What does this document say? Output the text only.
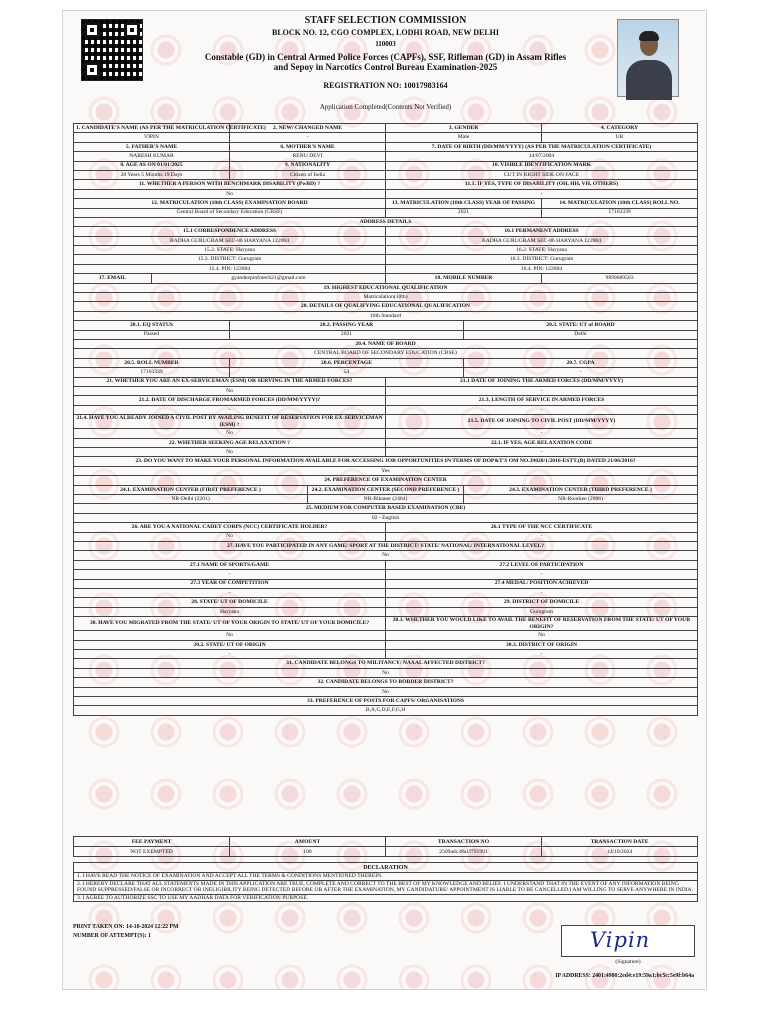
STAFF SELECTION COMMISSION
BLOCK NO. 12, CGO COMPLEX, LODHI ROAD, NEW DELHI
110003
Constable (GD) in Central Armed Police Forces (CAPFs), SSF, Rifleman (GD) in Assam Rifles and Sepoy in Narcotics Control Bureau Examination-2025
REGISTRATION NO: 10017983164
Application Completed(Contents Not Verified)
1. CANDIDATE'S NAME (AS PER THE MATRICULATION CERTIFICATE)		2. NEW/ CHANGED NAME		3. GENDER		4. CATEGORY
VIPIN		-		Male		UR
5. FATHER'S NAME		6. MOTHER'S NAME		7. DATE OF BIRTH (DD/MM/YYYY) (AS PER THE MATRICULATION CERTIFICATE)		
NARESH KUMAR		RENU DEVI		14/07/2004		
8. AGE AS ON 01/01/2025		9. NATIONALITY		10. VISIBLE IDENTIFICATION MARK		
20 Years 5 Months 19 Days		Citizen of India		CUT IN RIGHT SIDE ON FACE		
11. WHETHER A PERSON WITH BENCHMARK DISABILITY (PwBD) ?				11.1. IF YES, TYPE OF DISABILITY (OH, HH, VH, OTHERS)		
No				-		
12. MATRICULATION (10th CLASS) EXAMINATION BOARD				13. MATRICULATION (10th CLASS) YEAR OF PASSING		14. MATRICULATION (10th CLASS) ROLL NO.
Central Board of Secondary Education (CBSE)				2021		17163339
ADDRESS DETAILS						
15.1 CORRESPONDENCE ADDRESS				16.1 PERMANENT ADDRESS		
BADHA GURUGRAM SEC-86 HARYANA 122004				BADHA GURUGRAM SEC-86 HARYANA 122004		
15.2. STATE: Haryana				16.2. STATE: Haryana		
15.3. DISTRICT: Gurugram				16.3. DISTRICT: Gurugram		
15.4. PIN: 122004				16.4. PIN: 122004		
17. EMAIL	gyandeepinfotech21@gmail.com			18. MOBILE NUMBER		9899689503
19. HIGHEST EDUCATIONAL QUALIFICATION						
Matriculation(10th)						
20. DETAILS OF QUALIFYING EDUCATIONAL QUALIFICATION						
10th Standard						
20.1. EQ STATUS		20.2. PASSING YEAR			20.3. STATE/ UT of BOARD	
Passed		2021			Delhi	
20.4. NAME OF BOARD						
CENTRAL BOARD OF SECONDARY EDUCATION (CBSE)						
20.5. ROLL NUMBER		20.6. PERCENTAGE			20.7. CGPA	
17163339		54			-	
21. WHETHER YOU ARE AN EX-SERVICEMAN (ESM) OR SERVING IN THE ARMED FORCES?				21.1 DATE OF JOINING THE ARMED FORCES (DD/MM/YYYY)		
No				-		
21.2. DATE OF DISCHARGE FROMARMED FORCES (DD/MM/YYYY)?				21.3. LENGTH OF SERVICE IN ARMED FORCES		
-				-		
21.4. HAVE YOU ALREADY JOINED A CIVIL POST BY AVAILING BENEFIT OF RESERVATION FOR EX-SERVICEMAN (ESM) ?				21.5. DATE OF JOINING TO CIVIL POST (DD/MM/YYYY)		
No				-		
22. WHETHER SEEKING AGE RELAXATION ?				22.1. IF YES, AGE RELAXATION CODE		
No				-		
23. DO YOU WANT TO MAKE YOUR PERSONAL INFORMATION AVAILABLE FOR ACCESSING JOB OPPORTUNITIES IN TERMS OF DOP&T'S OM NO.39020/1/2016-ESTT.(B) DATED 21/06/2016?						
Yes						
24. PREFERENCE OF EXAMINATION CENTER						
24.1. EXAMINATION CENTER (FIRST PREFERENCE )			24.2. EXAMINATION CENTER (SECOND PREFERENCE )		24.3. EXAMINATION CENTER (THIRD PREFERENCE )	
NR-Delhi (2201)			NR-Bikaner (2404)		NR-Roorkee (2006)	
25. MEDIUM FOR COMPUTER BASED EXAMINATION (CBE)						
02 - English						
26. ARE YOU A NATIONAL CADET CORPS (NCC) CERTIFICATE HOLDER?				26.1 TYPE OF THE NCC CERTIFICATE		
No				-		
27. HAVE YOU PARTICIPATED IN ANY GAME/ SPORT AT THE DISTRICT/ STATE/ NATIONAL/ INTERNATIONAL LEVEL?						
No						
27.1 NAME OF SPORTS/GAME				27.2 LEVEL OF PARTICIPATION		
-				-		
27.3 YEAR OF COMPETITION				27.4 MEDAL/ POSITION ACHIEVED		
-				-		
28. STATE/ UT OF DOMICILE				29. DISTRICT OF DOMICILE		
Haryana				Gurugram		
30. HAVE YOU MIGRATED FROM THE STATE/ UT OF YOUR ORIGIN TO STATE/ UT OF YOUR DOMICILE?				30.1. WHETHER YOU WOULD LIKE TO AVAIL THE BENEFIT OF RESERVATION FROM THE STATE/ UT OF YOUR ORIGIN?		
No				No		
30.2. STATE/ UT OF ORIGIN				30.3. DISTRICT OF ORIGIN		
-				-		
31. CANDIDATE BELONGS TO MILITANCY/ NAXAL AFFECTED DISTRICT?						
No						
32. CANDIDATE BELONGS TO BORDER DISTRICT?						
No						
33. PREFERENCE OF POSTS FOR CAPFS/ ORGANISATIONS						
B,A,C,D,E,F,G,H						
FEE PAYMENT	AMOUNT	TRANSACTION NO	TRANSACTION DATE
NOT EXEMPTED	100	2509adc38a1f791991	14/10/2024
DECLARATION
1. I HAVE READ THE NOTICE OF EXAMINATION AND ACCEPT ALL THE TERMS & CONDITIONS MENTIONED THEREIN.
2. I HEREBY DECLARE THAT ALL STATEMENTS MADE IN THIS APPLICATION ARE TRUE, COMPLETE AND CORRECT TO THE BEST OF MY KNOWLEDGE AND BELIEF. I UNDERSTAND THAT IN THE EVENT OF ANY INFORMATION BEING FOUND SUPPRESSED/FALSE OR INCORRECT OR INELIGIBILITY BEING DETECTED BEFORE OR AFTER THE EXAMINATION, MY CANDIDATURE/ APPOINTMENT IS LIABLE TO BE CANCELLED.I AM WILLING TO SERVE ANYWHERE IN INDIA.
3. I AGREE TO AUTHORIZE SSC TO USE MY AADHAR DATA FOR VERIFICATION PURPOSE.
PRINT TAKEN ON: 14-10-2024 12:22 PM
NUMBER OF ATTEMPT(S): 1	Vipin
(Signature)
IP ADDRESS: 2401:4900:2ed4:e19:59a1:bc5c:5e9f:b64a
